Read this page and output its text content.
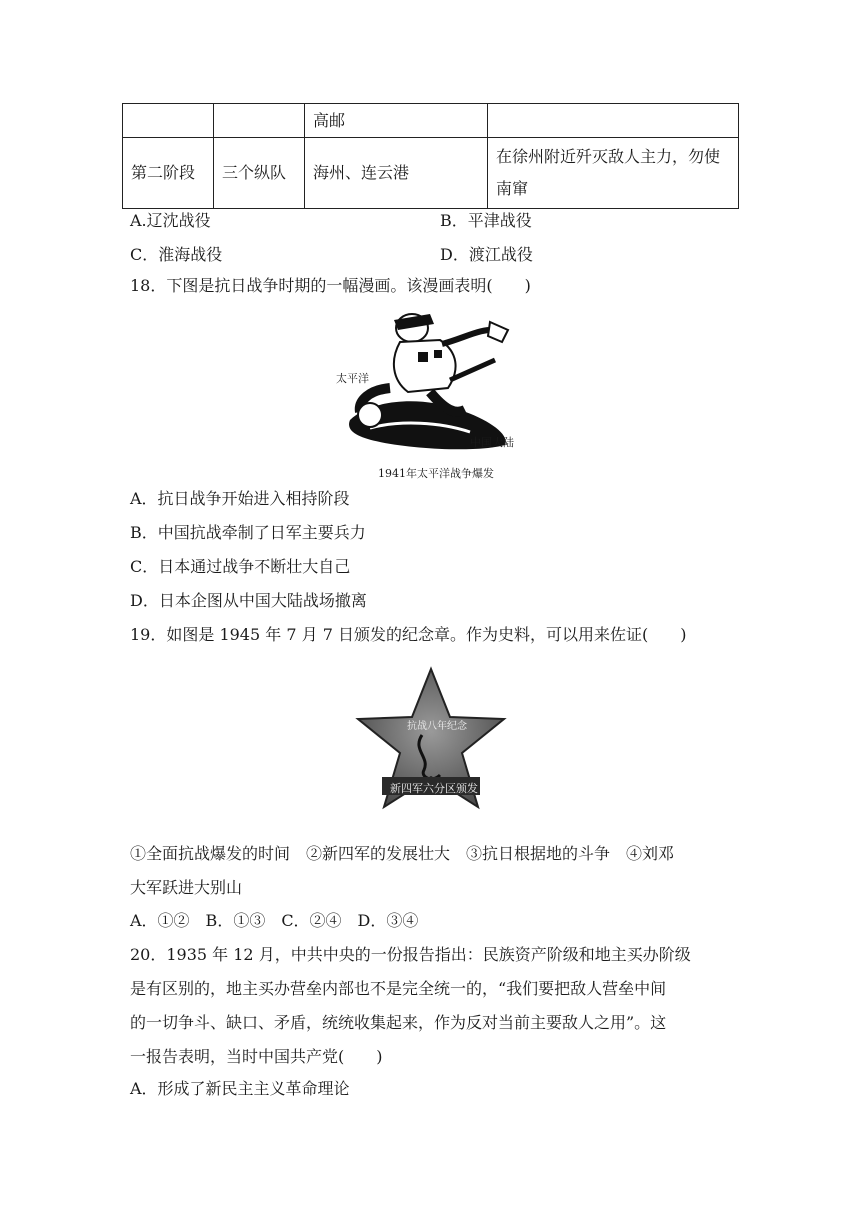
		高邮	
第二阶段	三个纵队	海州、连云港	在徐州附近歼灭敌人主力，勿使南窜
A.辽沈战役	B．平津战役
C．淮海战役	D．渡江战役
18．下图是抗日战争时期的一幅漫画。该漫画表明(　　)
太平洋
中国大陆
1941年太平洋战争爆发
A．抗日战争开始进入相持阶段
B．中国抗战牵制了日军主要兵力
C．日本通过战争不断壮大自己
D．日本企图从中国大陆战场撤离
19．如图是 1945 年 7 月 7 日颁发的纪念章。作为史料，可以用来佐证(　　)
抗战八年纪念
新四军六分区颁发
①全面抗战爆发的时间　②新四军的发展壮大　③抗日根据地的斗争　④刘邓
大军跃进大别山
A．①②　B．①③　C．②④　D．③④
20．1935 年 12 月，中共中央的一份报告指出：民族资产阶级和地主买办阶级
是有区别的，地主买办营垒内部也不是完全统一的，“我们要把敌人营垒中间
的一切争斗、缺口、矛盾，统统收集起来，作为反对当前主要敌人之用”。这
一报告表明，当时中国共产党(　　)
A．形成了新民主主义革命理论
